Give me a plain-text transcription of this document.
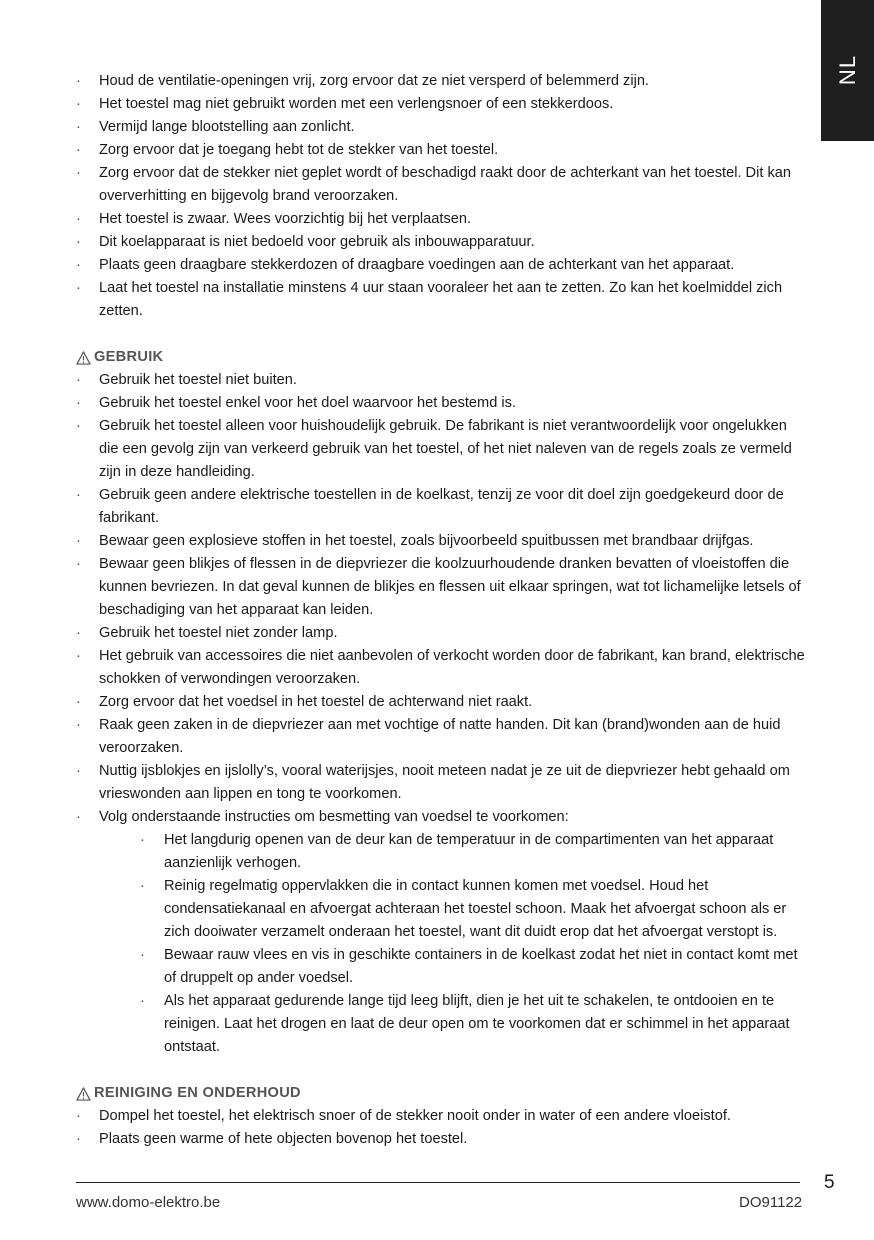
NL
· Houd de ventilatie-openingen vrij, zorg ervoor dat ze niet versperd of belemmerd zijn.
· Het toestel mag niet gebruikt worden met een verlengsnoer of een stekkerdoos.
· Vermijd lange blootstelling aan zonlicht.
· Zorg ervoor dat je toegang hebt tot de stekker van het toestel.
· Zorg ervoor dat de stekker niet geplet wordt of beschadigd raakt door de achterkant van het toestel. Dit kan oververhitting en bijgevolg brand veroorzaken.
· Het toestel is zwaar. Wees voorzichtig bij het verplaatsen.
· Dit koelapparaat is niet bedoeld voor gebruik als inbouwapparatuur.
· Plaats geen draagbare stekkerdozen of draagbare voedingen aan de achterkant van het apparaat.
· Laat het toestel na installatie minstens 4 uur staan vooraleer het aan te zetten. Zo kan het koelmiddel zich zetten.
GEBRUIK
· Gebruik het toestel niet buiten.
· Gebruik het toestel enkel voor het doel waarvoor het bestemd is.
· Gebruik het toestel alleen voor huishoudelijk gebruik. De fabrikant is niet verantwoordelijk voor ongelukken die een gevolg zijn van verkeerd gebruik van het toestel, of het niet naleven van de regels zoals ze vermeld zijn in deze handleiding.
· Gebruik geen andere elektrische toestellen in de koelkast, tenzij ze voor dit doel zijn goedgekeurd door de fabrikant.
· Bewaar geen explosieve stoffen in het toestel, zoals bijvoorbeeld spuitbussen met brandbaar drijfgas.
· Bewaar geen blikjes of flessen in de diepvriezer die koolzuurhoudende dranken bevatten of vloeistoffen die kunnen bevriezen. In dat geval kunnen de blikjes en flessen uit elkaar springen, wat tot lichamelijke letsels of beschadiging van het apparaat kan leiden.
· Gebruik het toestel niet zonder lamp.
· Het gebruik van accessoires die niet aanbevolen of verkocht worden door de fabrikant, kan brand, elektrische schokken of verwondingen veroorzaken.
· Zorg ervoor dat het voedsel in het toestel de achterwand niet raakt.
· Raak geen zaken in de diepvriezer aan met vochtige of natte handen. Dit kan (brand)wonden aan de huid veroorzaken.
· Nuttig ijsblokjes en ijslolly’s, vooral waterijsjes, nooit meteen nadat je ze uit de diepvriezer hebt gehaald om vrieswonden aan lippen en tong te voorkomen.
· Volg onderstaande instructies om besmetting van voedsel te voorkomen:
· Het langdurig openen van de deur kan de temperatuur in de compartimenten van het apparaat aanzienlijk verhogen.
· Reinig regelmatig oppervlakken die in contact kunnen komen met voedsel. Houd het condensatiekanaal en afvoergat achteraan het toestel schoon. Maak het afvoergat schoon als er zich dooiwater verzamelt onderaan het toestel, want dit duidt erop dat het afvoergat verstopt is.
· Bewaar rauw vlees en vis in geschikte containers in de koelkast zodat het niet in contact komt met of druppelt op ander voedsel.
· Als het apparaat gedurende lange tijd leeg blijft, dien je het uit te schakelen, te ontdooien en te reinigen. Laat het drogen en laat de deur open om te voorkomen dat er schimmel in het apparaat ontstaat.
REINIGING EN ONDERHOUD
· Dompel het toestel, het elektrisch snoer of de stekker nooit onder in water of een andere vloeistof.
· Plaats geen warme of hete objecten bovenop het toestel.
5
www.domo-elektro.be	DO91122
